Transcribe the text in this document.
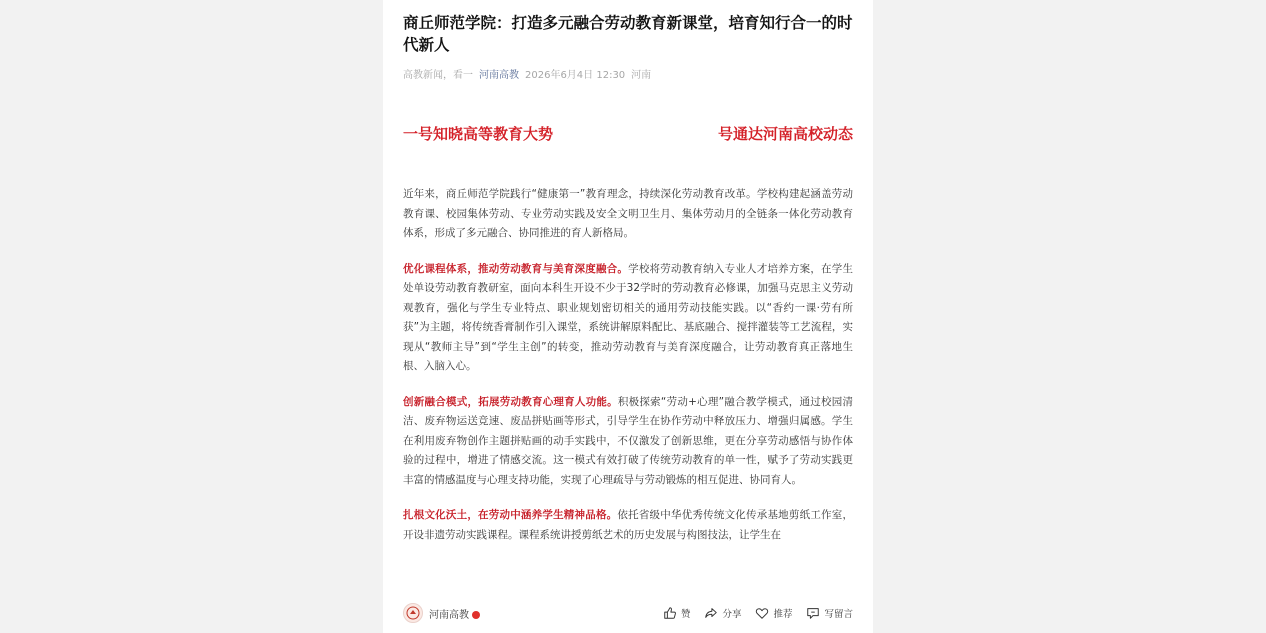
商丘师范学院：打造多元融合劳动教育新课堂，培育知行合一的时代新人
高教新闻，看一 河南高教 2026年6月4日 12:30 河南
一号知晓高等教育大势	号通达河南高校动态

近年来，商丘师范学院践行“健康第一”教育理念，持续深化劳动教育改革。学校构建起涵盖劳动教育课、校园集体劳动、专业劳动实践及安全文明卫生月、集体劳动月的全链条一体化劳动教育体系，形成了多元融合、协同推进的育人新格局。

优化课程体系，推动劳动教育与美育深度融合。学校将劳动教育纳入专业人才培养方案，在学生处单设劳动教育教研室，面向本科生开设不少于32学时的劳动教育必修课，加强马克思主义劳动观教育，强化与学生专业特点、职业规划密切相关的通用劳动技能实践。以“香约一课·劳有所获”为主题，将传统香膏制作引入课堂，系统讲解原料配比、基底融合、搅拌灌装等工艺流程，实现从“教师主导”到“学生主创”的转变，推动劳动教育与美育深度融合，让劳动教育真正落地生根、入脑入心。

创新融合模式，拓展劳动教育心理育人功能。积极探索“劳动+心理”融合教学模式，通过校园清洁、废弃物运送竞速、废品拼贴画等形式，引导学生在协作劳动中释放压力、增强归属感。学生在利用废弃物创作主题拼贴画的动手实践中，不仅激发了创新思维，更在分享劳动感悟与协作体验的过程中，增进了情感交流。这一模式有效打破了传统劳动教育的单一性，赋予了劳动实践更丰富的情感温度与心理支持功能，实现了心理疏导与劳动锻炼的相互促进、协同育人。

扎根文化沃土，在劳动中涵养学生精神品格。依托省级中华优秀传统文化传承基地剪纸工作室，开设非遗劳动实践课程。课程系统讲授剪纸艺术的历史发展与构图技法，让学生在

河南高教	赞	分享	推荐	写留言
